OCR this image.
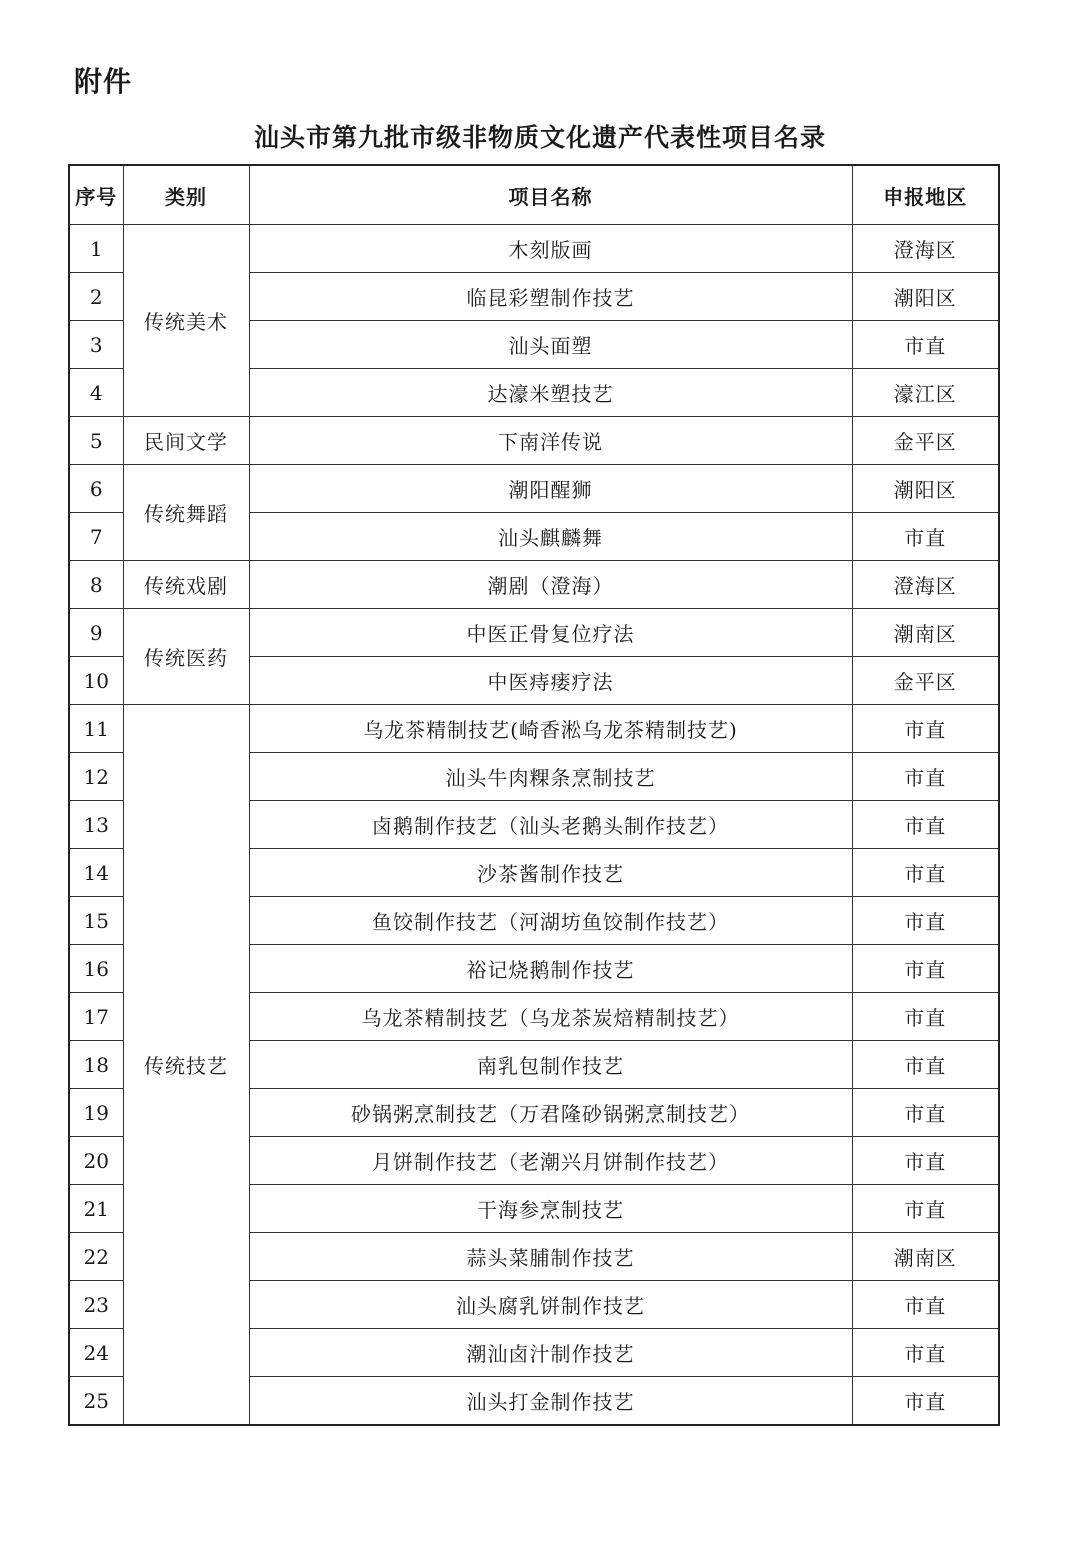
附件
汕头市第九批市级非物质文化遗产代表性项目名录
序号	类别	项目名称	申报地区
1	传统美术	木刻版画	澄海区
2		临昆彩塑制作技艺	潮阳区
3		汕头面塑	市直
4		达濠米塑技艺	濠江区
5	民间文学	下南洋传说	金平区
6	传统舞蹈	潮阳醒狮	潮阳区
7		汕头麒麟舞	市直
8	传统戏剧	潮剧（澄海）	澄海区
9	传统医药	中医正骨复位疗法	潮南区
10		中医痔瘘疗法	金平区
11	传统技艺	乌龙茶精制技艺(崎香淞乌龙茶精制技艺)	市直
12		汕头牛肉粿条烹制技艺	市直
13		卤鹅制作技艺（汕头老鹅头制作技艺）	市直
14		沙茶酱制作技艺	市直
15		鱼饺制作技艺（河湖坊鱼饺制作技艺）	市直
16		裕记烧鹅制作技艺	市直
17		乌龙茶精制技艺（乌龙茶炭焙精制技艺）	市直
18		南乳包制作技艺	市直
19		砂锅粥烹制技艺（万君隆砂锅粥烹制技艺）	市直
20		月饼制作技艺（老潮兴月饼制作技艺）	市直
21		干海参烹制技艺	市直
22		蒜头菜脯制作技艺	潮南区
23		汕头腐乳饼制作技艺	市直
24		潮汕卤汁制作技艺	市直
25		汕头打金制作技艺	市直
